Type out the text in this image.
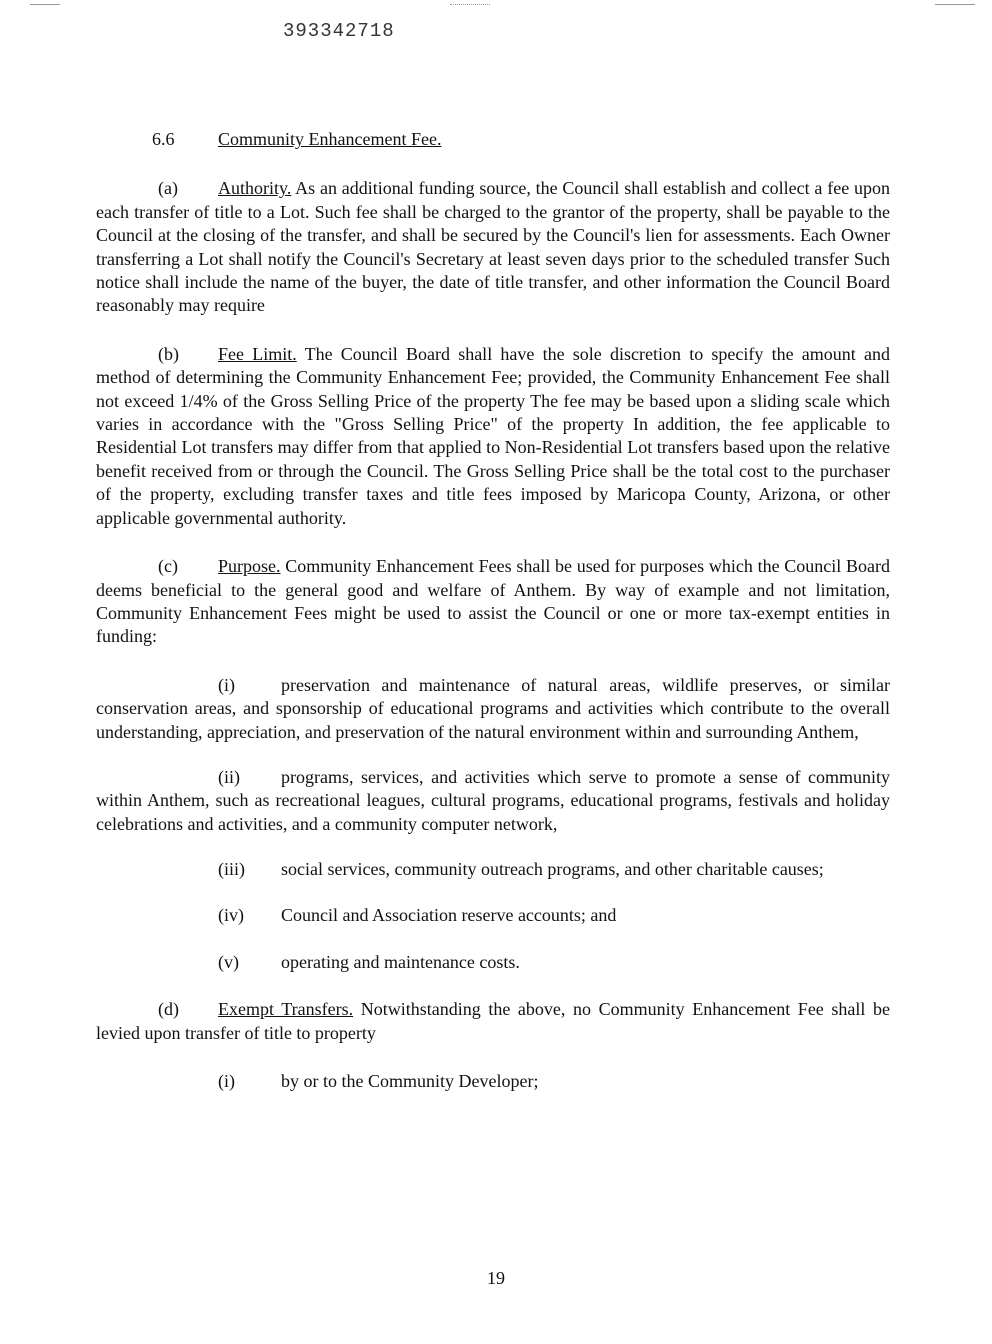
393342718
6.6 Community Enhancement Fee.

(a) Authority. As an additional funding source, the Council shall establish and collect a fee upon each transfer of title to a Lot. Such fee shall be charged to the grantor of the property, shall be payable to the Council at the closing of the transfer, and shall be secured by the Council's lien for assessments. Each Owner transferring a Lot shall notify the Council's Secretary at least seven days prior to the scheduled transfer Such notice shall include the name of the buyer, the date of title transfer, and other information the Council Board reasonably may require

(b) Fee Limit. The Council Board shall have the sole discretion to specify the amount and method of determining the Community Enhancement Fee; provided, the Community Enhancement Fee shall not exceed 1/4% of the Gross Selling Price of the property The fee may be based upon a sliding scale which varies in accordance with the "Gross Selling Price" of the property In addition, the fee applicable to Residential Lot transfers may differ from that applied to Non-Residential Lot transfers based upon the relative benefit received from or through the Council. The Gross Selling Price shall be the total cost to the purchaser of the property, excluding transfer taxes and title fees imposed by Maricopa County, Arizona, or other applicable governmental authority.

(c) Purpose. Community Enhancement Fees shall be used for purposes which the Council Board deems beneficial to the general good and welfare of Anthem. By way of example and not limitation, Community Enhancement Fees might be used to assist the Council or one or more tax-exempt entities in funding:

(i)	preservation and maintenance of natural areas, wildlife preserves, or similar conservation areas, and sponsorship of educational programs and activities which contribute to the overall understanding, appreciation, and preservation of the natural environment within and surrounding Anthem,

(ii) programs, services, and activities which serve to promote a sense of community within Anthem, such as recreational leagues, cultural programs, educational programs, festivals and holiday celebrations and activities, and a community computer network,

(iii) social services, community outreach programs, and other charitable causes;

(iv) Council and Association reserve accounts; and

(v) operating and maintenance costs.

(d) Exempt Transfers. Notwithstanding the above, no Community Enhancement Fee shall be levied upon transfer of title to property

(i)	by or to the Community Developer;

19
